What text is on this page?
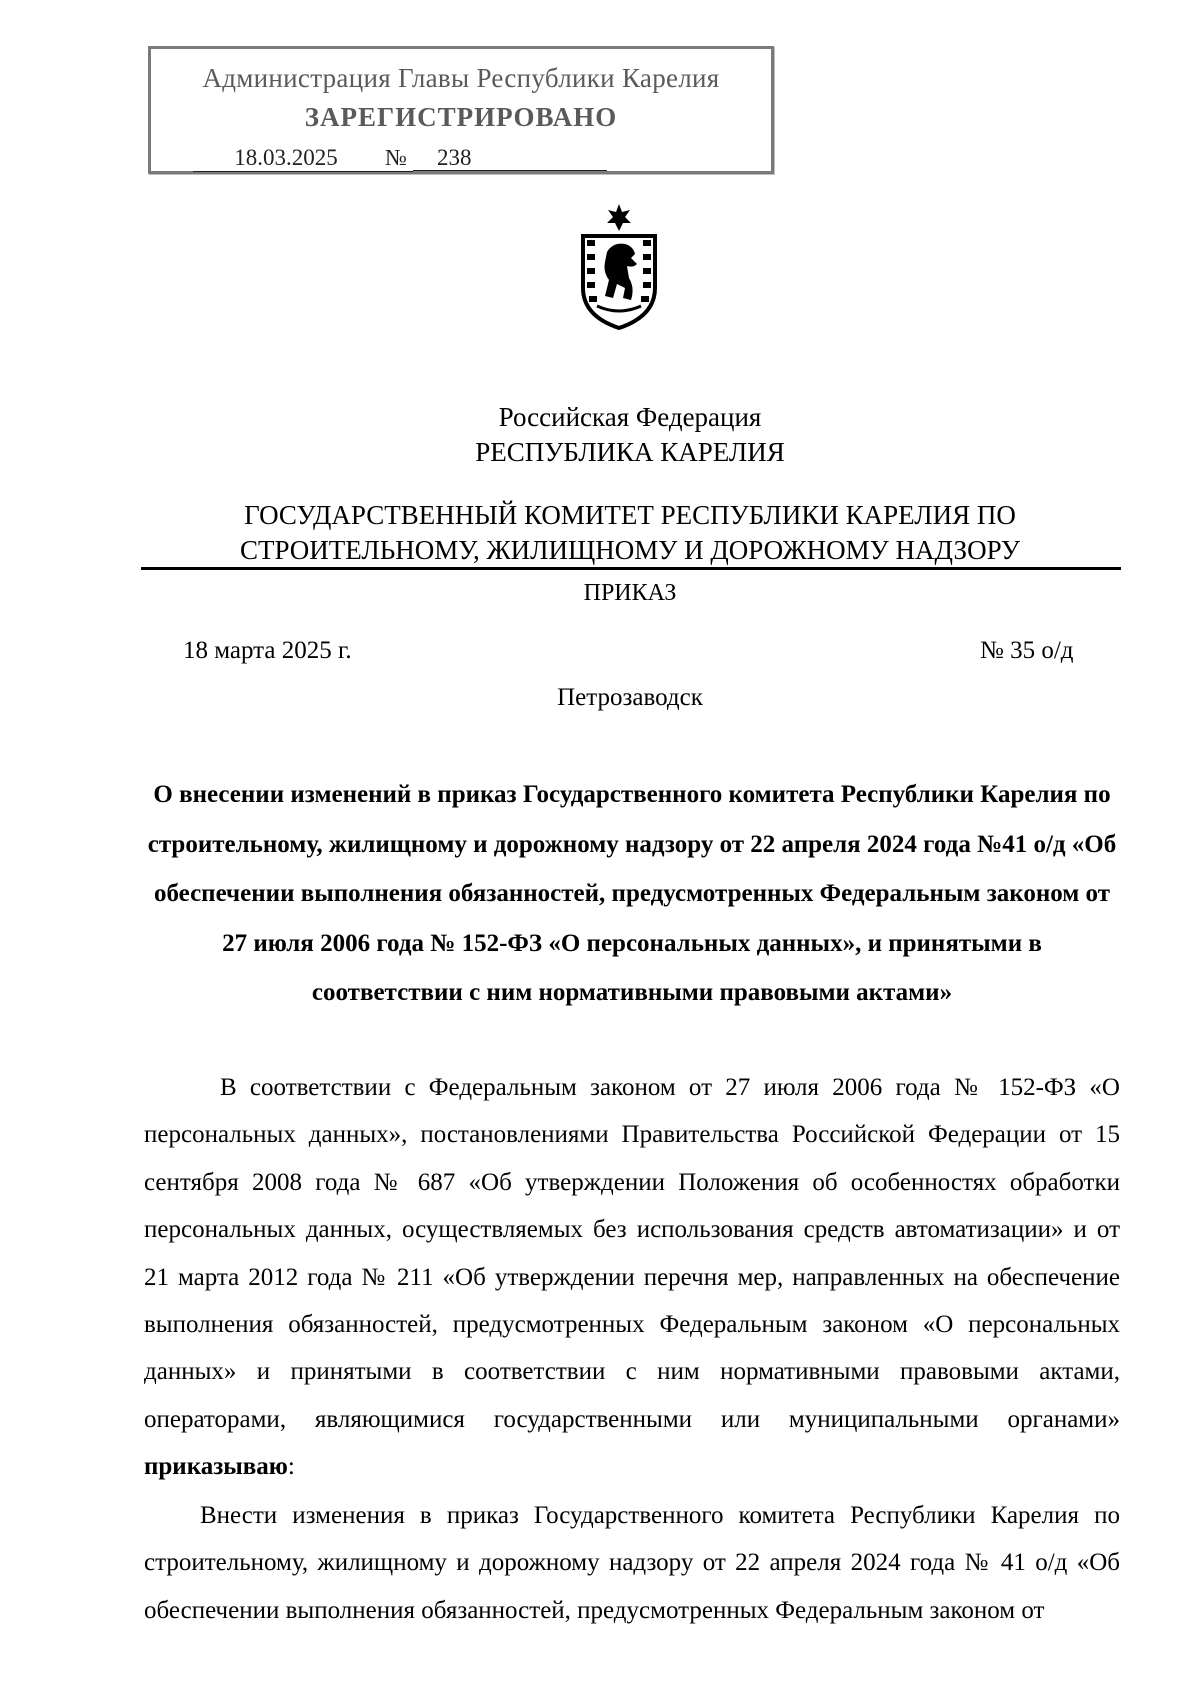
Администрация Главы Республики Карелия
ЗАРЕГИСТРИРОВАНО
18.03.2025	№	238
Российская Федерация
РЕСПУБЛИКА КАРЕЛИЯ
ГОСУДАРСТВЕННЫЙ КОМИТЕТ РЕСПУБЛИКИ КАРЕЛИЯ ПО
СТРОИТЕЛЬНОМУ, ЖИЛИЩНОМУ И ДОРОЖНОМУ НАДЗОРУ
ПРИКАЗ
18 марта 2025 г.	№ 35 о/д
Петрозаводск
О внесении изменений в приказ Государственного комитета Республики Карелия по строительному, жилищному и дорожному надзору от 22 апреля 2024 года №41 о/д «Об обеспечении выполнения обязанностей, предусмотренных Федеральным законом от 27 июля 2006 года № 152-ФЗ «О персональных данных», и принятыми в соответствии с ним нормативными правовыми актами»
В соответствии с Федеральным законом от 27 июля 2006 года № 152-ФЗ «О персональных данных», постановлениями Правительства Российской Федерации от 15 сентября 2008 года № 687 «Об утверждении Положения об особенностях обработки персональных данных, осуществляемых без использования средств автоматизации» и от 21 марта 2012 года № 211 «Об утверждении перечня мер, направленных на обеспечение выполнения обязанностей, предусмотренных Федеральным законом «О персональных данных» и принятыми в соответствии с ним нормативными правовыми актами, операторами, являющимися государственными или муниципальными органами» приказываю:
Внести изменения в приказ Государственного комитета Республики Карелия по строительному, жилищному и дорожному надзору от 22 апреля 2024 года № 41 о/д «Об обеспечении выполнения обязанностей, предусмотренных Федеральным законом от
